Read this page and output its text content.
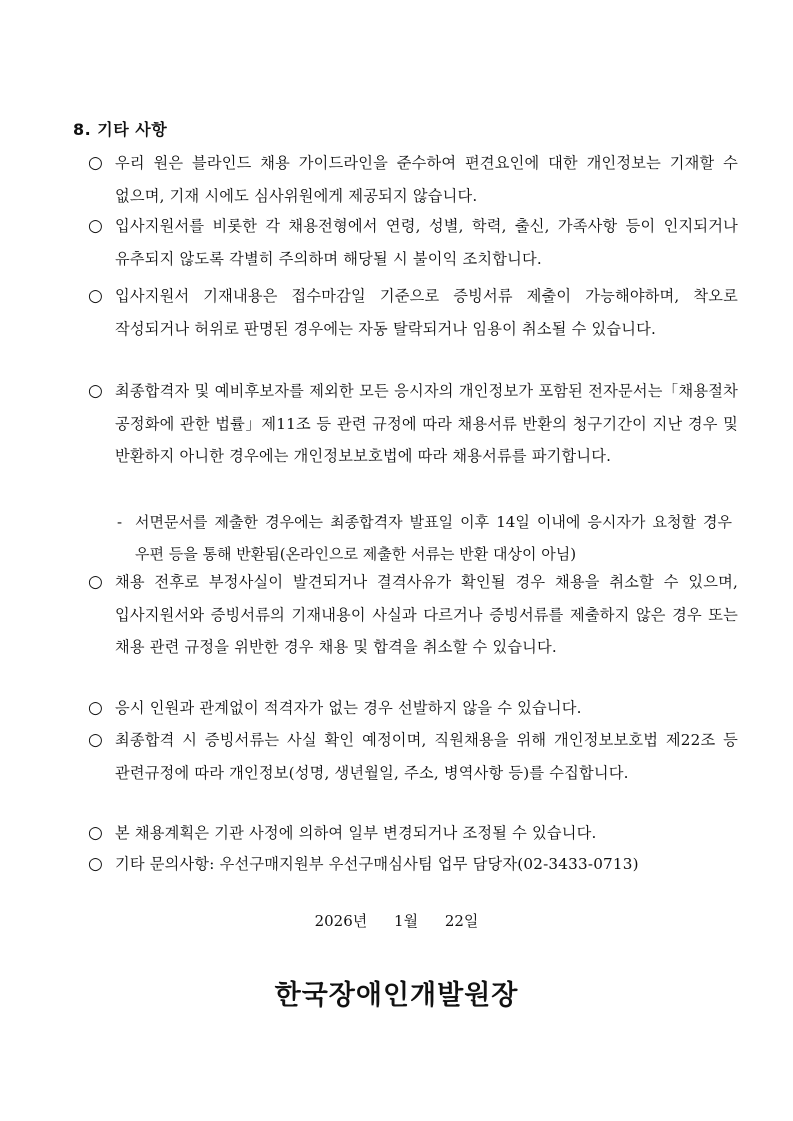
8. 기타 사항
○ 우리 원은 블라인드 채용 가이드라인을 준수하여 편견요인에 대한 개인정보는 기재할 수 없으며, 기재 시에도 심사위원에게 제공되지 않습니다.
○ 입사지원서를 비롯한 각 채용전형에서 연령, 성별, 학력, 출신, 가족사항 등이 인지되거나 유추되지 않도록 각별히 주의하며 해당될 시 불이익 조치합니다.
○ 입사지원서 기재내용은 접수마감일 기준으로 증빙서류 제출이 가능해야하며, 착오로 작성되거나 허위로 판명된 경우에는 자동 탈락되거나 임용이 취소될 수 있습니다.
○ 최종합격자 및 예비후보자를 제외한 모든 응시자의 개인정보가 포함된 전자문서는「채용절차 공정화에 관한 법률」제11조 등 관련 규정에 따라 채용서류 반환의 청구기간이 지난 경우 및 반환하지 아니한 경우에는 개인정보보호법에 따라 채용서류를 파기합니다.
- 서면문서를 제출한 경우에는 최종합격자 발표일 이후 14일 이내에 응시자가 요청할 경우 우편 등을 통해 반환됨(온라인으로 제출한 서류는 반환 대상이 아님)
○ 채용 전후로 부정사실이 발견되거나 결격사유가 확인될 경우 채용을 취소할 수 있으며, 입사지원서와 증빙서류의 기재내용이 사실과 다르거나 증빙서류를 제출하지 않은 경우 또는 채용 관련 규정을 위반한 경우 채용 및 합격을 취소할 수 있습니다.
○ 응시 인원과 관계없이 적격자가 없는 경우 선발하지 않을 수 있습니다.
○ 최종합격 시 증빙서류는 사실 확인 예정이며, 직원채용을 위해 개인정보보호법 제22조 등 관련규정에 따라 개인정보(성명, 생년월일, 주소, 병역사항 등)를 수집합니다.
○ 본 채용계획은 기관 사정에 의하여 일부 변경되거나 조정될 수 있습니다.
○ 기타 문의사항: 우선구매지원부 우선구매심사팀 업무 담당자(02-3433-0713)
2026년 1월 22일
한국장애인개발원장
